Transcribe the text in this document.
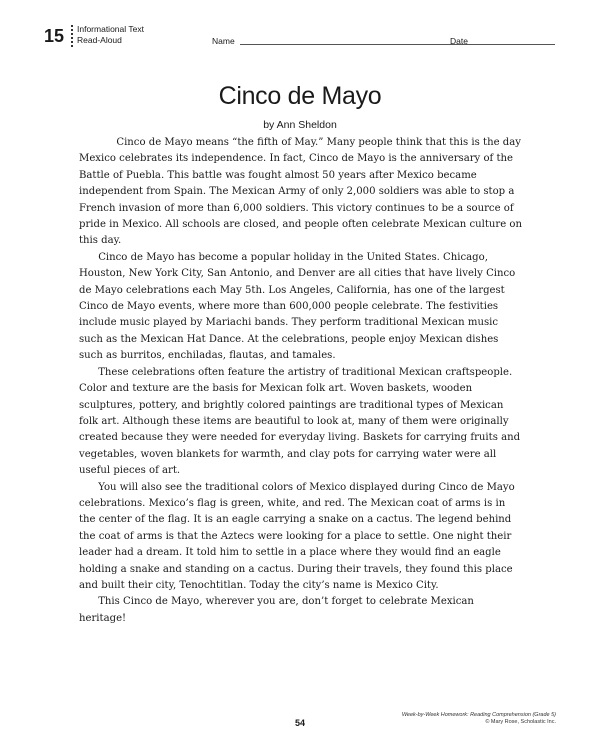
15 Informational Text
Read-Aloud	Name	Date
Cinco de Mayo
by Ann Sheldon

Cinco de Mayo means “the fifth of May.” Many people think that this is the day Mexico celebrates its independence. In fact, Cinco de Mayo is the anniversary of the Battle of Puebla. This battle was fought almost 50 years after Mexico became independent from Spain. The Mexican Army of only 2,000 soldiers was able to stop a French invasion of more than 6,000 soldiers. This victory continues to be a source of pride in Mexico. All schools are closed, and people often celebrate Mexican culture on this day.

Cinco de Mayo has become a popular holiday in the United States. Chicago, Houston, New York City, San Antonio, and Denver are all cities that have lively Cinco de Mayo celebrations each May 5th. Los Angeles, California, has one of the largest Cinco de Mayo events, where more than 600,000 people celebrate. The festivities include music played by Mariachi bands. They perform traditional Mexican music such as the Mexican Hat Dance. At the celebrations, people enjoy Mexican dishes such as burritos, enchiladas, flautas, and tamales.

These celebrations often feature the artistry of traditional Mexican craftspeople. Color and texture are the basis for Mexican folk art. Woven baskets, wooden sculptures, pottery, and brightly colored paintings are traditional types of Mexican folk art. Although these items are beautiful to look at, many of them were originally created because they were needed for everyday living. Baskets for carrying fruits and vegetables, woven blankets for warmth, and clay pots for carrying water were all useful pieces of art.

You will also see the traditional colors of Mexico displayed during Cinco de Mayo celebrations. Mexico’s flag is green, white, and red. The Mexican coat of arms is in the center of the flag. It is an eagle carrying a snake on a cactus. The legend behind the coat of arms is that the Aztecs were looking for a place to settle. One night their leader had a dream. It told him to settle in a place where they would find an eagle holding a snake and standing on a cactus. During their travels, they found this place and built their city, Tenochtitlan. Today the city’s name is Mexico City.

This Cinco de Mayo, wherever you are, don’t forget to celebrate Mexican heritage!

54
Week-by-Week Homework: Reading Comprehension (Grade 5)
© Mary Rose, Scholastic Inc.
